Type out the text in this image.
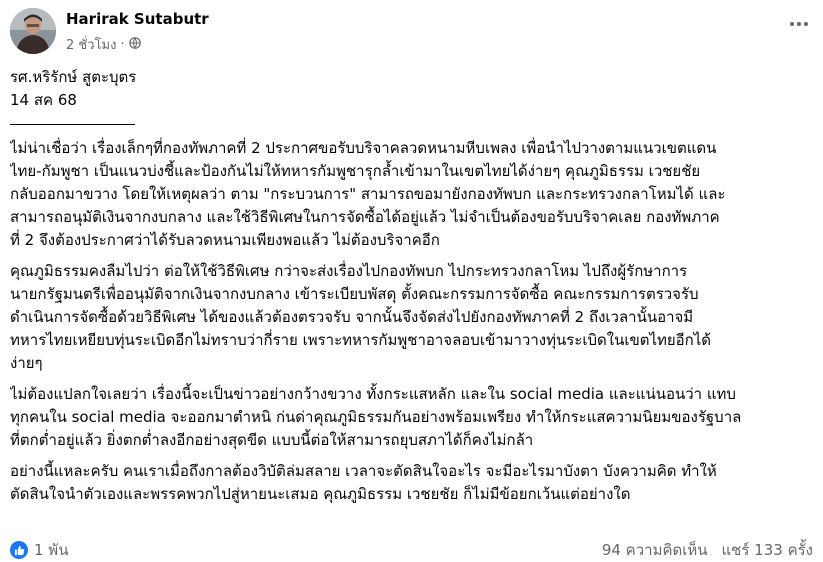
Harirak Sutabutr
2 ชั่วโมง ·
รศ.หริรักษ์ สูตะบุตร
14 สค 68
ไม่น่าเชื่อว่า เรื่องเล็กๆที่กองทัพภาคที่ 2 ประกาศขอรับบริจาคลวดหนามหีบเพลง เพื่อนำไปวางตามแนวเขตแดน
ไทย-กัมพูชา เป็นแนวบ่งชี้และป้องกันไม่ให้ทหารกัมพูชารุกล้ำเข้ามาในเขตไทยได้ง่ายๆ คุณภูมิธรรม เวชยชัย
กลับออกมาขวาง โดยให้เหตุผลว่า ตาม "กระบวนการ" สามารถขอมายังกองทัพบก และกระทรวงกลาโหมได้ และ
สามารถอนุมัติเงินจากงบกลาง และใช้วิธีพิเศษในการจัดซื้อได้อยู่แล้ว ไม่จำเป็นต้องขอรับบริจาคเลย กองทัพภาค
ที่ 2 จึงต้องประกาศว่าได้รับลวดหนามเพียงพอแล้ว ไม่ต้องบริจาคอีก
คุณภูมิธรรมคงลืมไปว่า ต่อให้ใช้วิธีพิเศษ กว่าจะส่งเรื่องไปกองทัพบก ไปกระทรวงกลาโหม ไปถึงผู้รักษาการ
นายกรัฐมนตรีเพื่ออนุมัติจากเงินจากงบกลาง เข้าระเบียบพัสดุ ตั้งคณะกรรมการจัดซื้อ คณะกรรมการตรวจรับ
ดำเนินการจัดซื้อด้วยวิธีพิเศษ ได้ของแล้วต้องตรวจรับ จากนั้นจึงจัดส่งไปยังกองทัพภาคที่ 2 ถึงเวลานั้นอาจมี
ทหารไทยเหยียบทุ่นระเบิดอีกไม่ทราบว่ากี่ราย เพราะทหารกัมพูชาอาจลอบเข้ามาวางทุ่นระเบิดในเขตไทยอีกได้
ง่ายๆ
ไม่ต้องแปลกใจเลยว่า เรื่องนี้จะเป็นข่าวอย่างกว้างขวาง ทั้งกระแสหลัก และใน social media และแน่นอนว่า แทบ
ทุกคนใน social media จะออกมาตำหนิ ก่นด่าคุณภูมิธรรมกันอย่างพร้อมเพรียง ทำให้กระแสความนิยมของรัฐบาล
ที่ตกต่ำอยู่แล้ว ยิ่งตกต่ำลงอีกอย่างสุดขีด แบบนี้ต่อให้สามารถยุบสภาได้ก็คงไม่กล้า
อย่างนี้แหละครับ คนเราเมื่อถึงกาลต้องวิบัติล่มสลาย เวลาจะตัดสินใจอะไร จะมีอะไรมาบังตา บังความคิด ทำให้
ตัดสินใจนำตัวเองและพรรคพวกไปสู่หายนะเสมอ คุณภูมิธรรม เวชยชัย ก็ไม่มีข้อยกเว้นแต่อย่างใด
1 พัน	94 ความคิดเห็น แชร์ 133 ครั้ง
